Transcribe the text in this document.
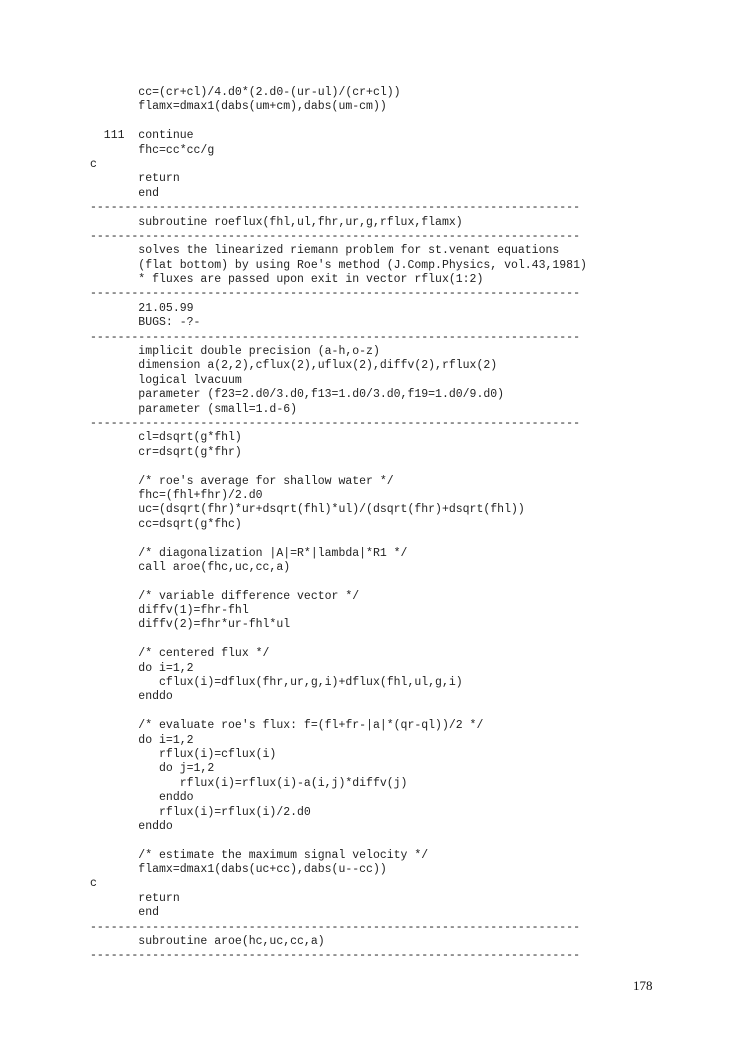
cc=(cr+cl)/4.d0*(2.d0-(ur-ul)/(cr+cl))
flamx=dmax1(dabs(um+cm),dabs(um-cm))
111  continue
fhc=cc*cc/g
c
return
end
-----------------------------------------------------------------------
subroutine roeflux(fhl,ul,fhr,ur,g,rflux,flamx)
-----------------------------------------------------------------------
solves the linearized riemann problem for st.venant equations
(flat bottom) by using Roe's method (J.Comp.Physics, vol.43,1981)
* fluxes are passed upon exit in vector rflux(1:2)
-----------------------------------------------------------------------
21.05.99
BUGS: -?-
-----------------------------------------------------------------------
implicit double precision (a-h,o-z)
dimension a(2,2),cflux(2),uflux(2),diffv(2),rflux(2)
logical lvacuum
parameter (f23=2.d0/3.d0,f13=1.d0/3.d0,f19=1.d0/9.d0)
parameter (small=1.d-6)
-----------------------------------------------------------------------
cl=dsqrt(g*fhl)
cr=dsqrt(g*fhr)
/* roe's average for shallow water */
fhc=(fhl+fhr)/2.d0
uc=(dsqrt(fhr)*ur+dsqrt(fhl)*ul)/(dsqrt(fhr)+dsqrt(fhl))
cc=dsqrt(g*fhc)
/* diagonalization |A|=R*|lambda|*R1 */
call aroe(fhc,uc,cc,a)
/* variable difference vector */
diffv(1)=fhr-fhl
diffv(2)=fhr*ur-fhl*ul
/* centered flux */
do i=1,2
cflux(i)=dflux(fhr,ur,g,i)+dflux(fhl,ul,g,i)
enddo
/* evaluate roe's flux: f=(fl+fr-|a|*(qr-ql))/2 */
do i=1,2
rflux(i)=cflux(i)
do j=1,2
rflux(i)=rflux(i)-a(i,j)*diffv(j)
enddo
rflux(i)=rflux(i)/2.d0
enddo
/* estimate the maximum signal velocity */
flamx=dmax1(dabs(uc+cc),dabs(u--cc))
c
return
end
-----------------------------------------------------------------------
subroutine aroe(hc,uc,cc,a)
-----------------------------------------------------------------------
178
